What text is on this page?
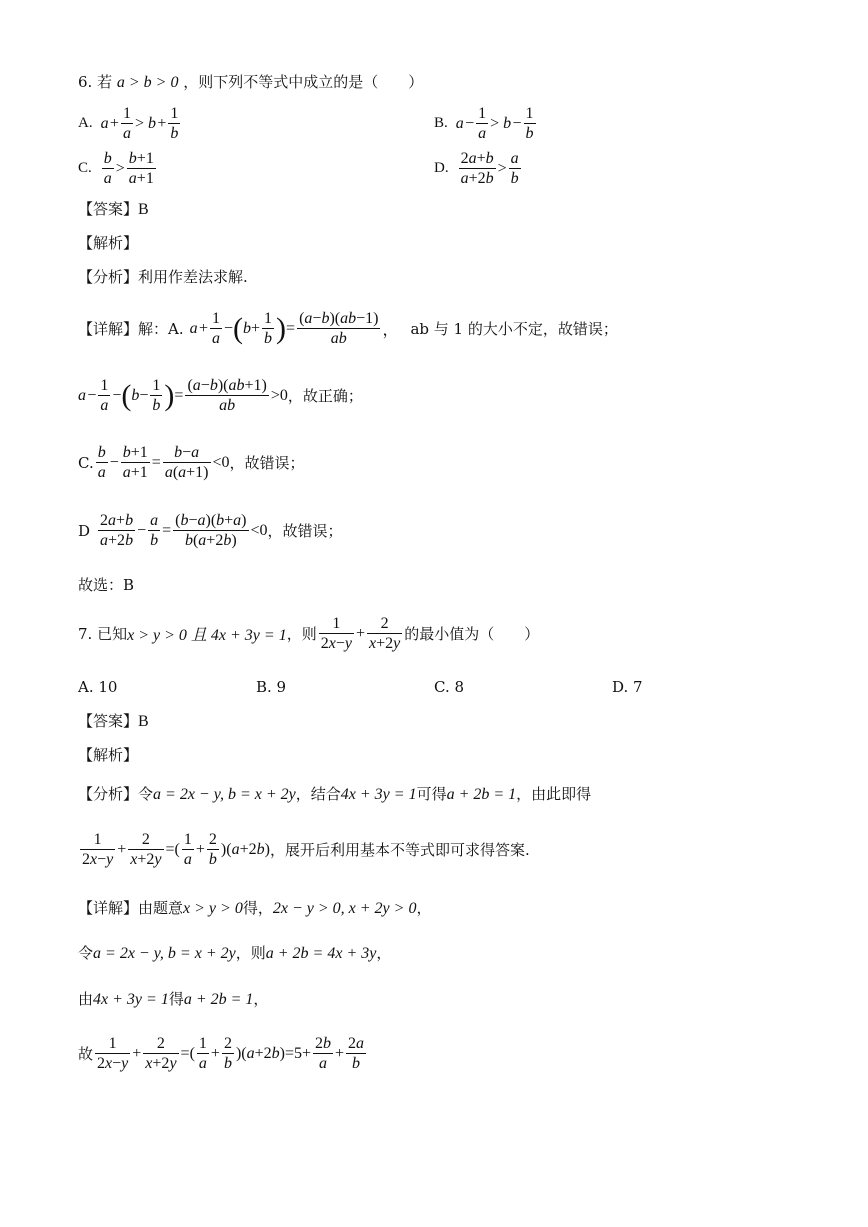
6. 若 a > b > 0 ，则下列不等式中成立的是（　　）
A. a  + $\frac{1}{a} > b$  + $\frac{1}{b}$	B. a  − $\frac{1}{a} > b$  − $\frac{1}{b}$
C. $\frac{b}{a} > \frac{b+1}{a+1}$	D. $\frac{2a+b}{a+2b} > \frac{a}{b}$
【答案】B
【解析】
【分析】利用作差法求解.
【详解】 解：A. a  + $\frac{1}{a}$ − ( $b + \frac{1}{b}$ ) = $\frac{(a-b)(ab-1)}{ab}$ ， ab 与 1 的大小不定，故错误；
a  − $\frac{1}{a}$ − ( $b - \frac{1}{b}$ ) = $\frac{(a-b)(ab+1)}{ab} >0$ ，故正确；
C. $\frac{b}{a} - \frac{b+1}{a+1} = \frac{b-a}{a(a+1)} <0$ ，故错误；
D $\frac{2a+b}{a+2b} - \frac{a}{b} = \frac{(b-a)(b+a)}{b(a+2b)} <0$ ，故错误；
故选：B
7. 已知 x > y > 0 且 4x + 3y = 1 ，则 $\frac{1}{2x-y} + \frac{2}{x+2y}$ 的最小值为（　　）
A. 10	B. 9	C. 8	D. 7
【答案】B
【解析】
【分析】令a = 2x − y, b = x + 2y，结合4x + 3y = 1可得a + 2b = 1，由此即得
$\frac{1}{2x-y} + \frac{2}{x+2y}$ =( $\frac{1}{a} + \frac{2}{b} )(a+2b)$ ，展开后利用基本不等式即可求得答案.
【详解】由题意x > y > 0得，2x − y > 0, x + 2y > 0，
令a = 2x − y, b = x + 2y，则a + 2b = 4x + 3y，
由4x + 3y = 1得a + 2b = 1，
故 $\frac{1}{2x-y} + \frac{2}{x+2y}$ =( $\frac{1}{a} + \frac{2}{b} )(a+2b)=5+ \frac{2b}{a} + \frac{2a}{b}$
